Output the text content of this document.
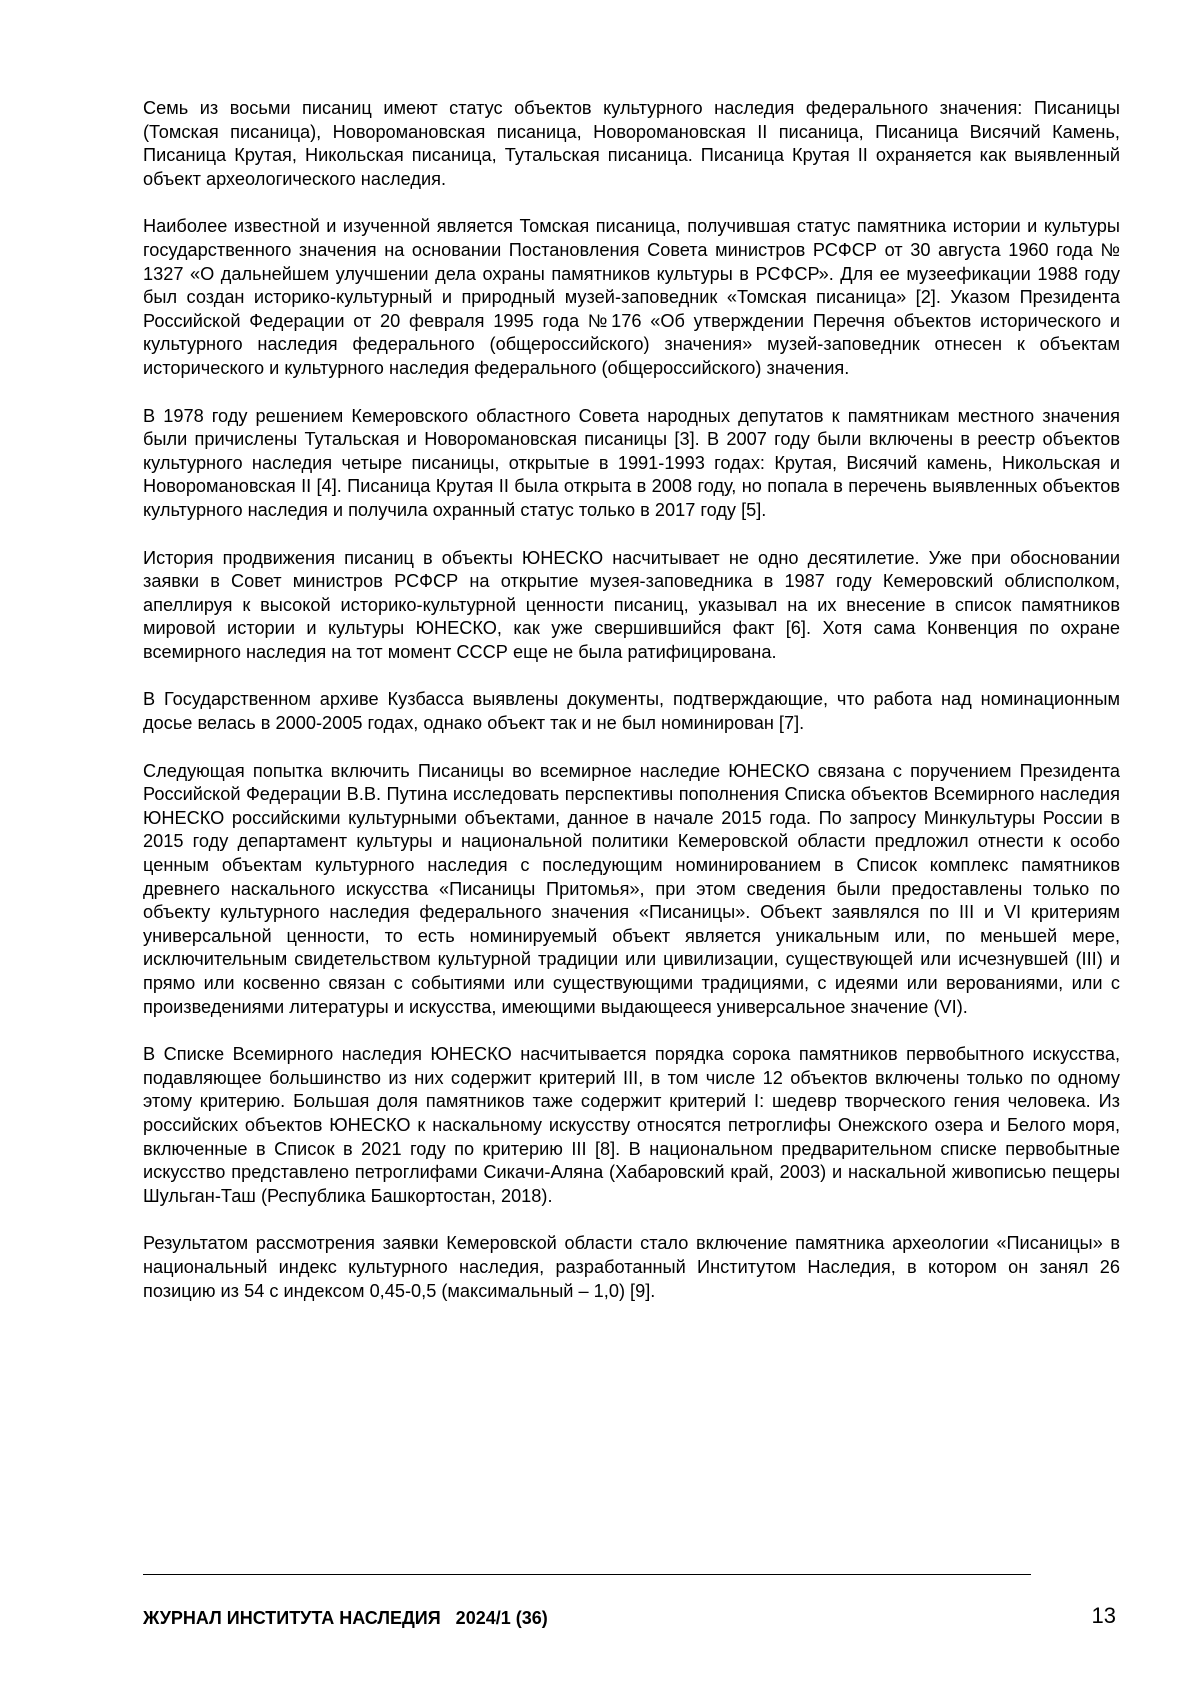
Семь из восьми писаниц имеют статус объектов культурного наследия федерального значения: Писаницы (Томская писаница), Новоромановская писаница, Новоромановская II писаница, Писаница Висячий Камень, Писаница Крутая, Никольская писаница, Тутальская писаница. Писаница Крутая II охраняется как выявленный объект археологического наследия.

Наиболее известной и изученной является Томская писаница, получившая статус памятника истории и культуры государственного значения на основании Постановления Совета министров РСФСР от 30 августа 1960 года № 1327 «О дальнейшем улучшении дела охраны памятников культуры в РСФСР». Для ее музеефикации 1988 году был создан историко-культурный и природный музей-заповедник «Томская писаница» [2]. Указом Президента Российской Федерации от 20 февраля 1995 года №176 «Об утверждении Перечня объектов исторического и культурного наследия федерального (общероссийского) значения» музей-заповедник отнесен к объектам исторического и культурного наследия федерального (общероссийского) значения.

В 1978 году решением Кемеровского областного Совета народных депутатов к памятникам местного значения были причислены Тутальская и Новоромановская писаницы [3]. В 2007 году были включены в реестр объектов культурного наследия четыре писаницы, открытые в 1991-1993 годах: Крутая, Висячий камень, Никольская и Новоромановская II [4]. Писаница Крутая II была открыта в 2008 году, но попала в перечень выявленных объектов культурного наследия и получила охранный статус только в 2017 году [5].

История продвижения писаниц в объекты ЮНЕСКО насчитывает не одно десятилетие. Уже при обосновании заявки в Совет министров РСФСР на открытие музея-заповедника в 1987 году Кемеровский облисполком, апеллируя к высокой историко-культурной ценности писаниц, указывал на их внесение в список памятников мировой истории и культуры ЮНЕСКО, как уже свершившийся факт [6]. Хотя сама Конвенция по охране всемирного наследия на тот момент СССР еще не была ратифицирована.

В Государственном архиве Кузбасса выявлены документы, подтверждающие, что работа над номинационным досье велась в 2000-2005 годах, однако объект так и не был номинирован [7].

Следующая попытка включить Писаницы во всемирное наследие ЮНЕСКО связана с поручением Президента Российской Федерации В.В. Путина исследовать перспективы пополнения Списка объектов Всемирного наследия ЮНЕСКО российскими культурными объектами, данное в начале 2015 года. По запросу Минкультуры России в 2015 году департамент культуры и национальной политики Кемеровской области предложил отнести к особо ценным объектам культурного наследия с последующим номинированием в Список комплекс памятников древнего наскального искусства «Писаницы Притомья», при этом сведения были предоставлены только по объекту культурного наследия федерального значения «Писаницы». Объект заявлялся по III и VI критериям универсальной ценности, то есть номинируемый объект является уникальным или, по меньшей мере, исключительным свидетельством культурной традиции или цивилизации, существующей или исчезнувшей (III) и прямо или косвенно связан с событиями или существующими традициями, с идеями или верованиями, или с произведениями литературы и искусства, имеющими выдающееся универсальное значение (VI).

В Списке Всемирного наследия ЮНЕСКО насчитывается порядка сорока памятников первобытного искусства, подавляющее большинство из них содержит критерий III, в том числе 12 объектов включены только по одному этому критерию. Большая доля памятников таже содержит критерий I: шедевр творческого гения человека. Из российских объектов ЮНЕСКО к наскальному искусству относятся петроглифы Онежского озера и Белого моря, включенные в Список в 2021 году по критерию III [8]. В национальном предварительном списке первобытные искусство представлено петроглифами Сикачи-Аляна (Хабаровский край, 2003) и наскальной живописью пещеры Шульган-Таш (Республика Башкортостан, 2018).

Результатом рассмотрения заявки Кемеровской области стало включение памятника археологии «Писаницы» в национальный индекс культурного наследия, разработанный Институтом Наследия, в котором он занял 26 позицию из 54 с индексом 0,45-0,5 (максимальный – 1,0) [9].

ЖУРНАЛ ИНСТИТУТА НАСЛЕДИЯ   2024/1 (36)	13
